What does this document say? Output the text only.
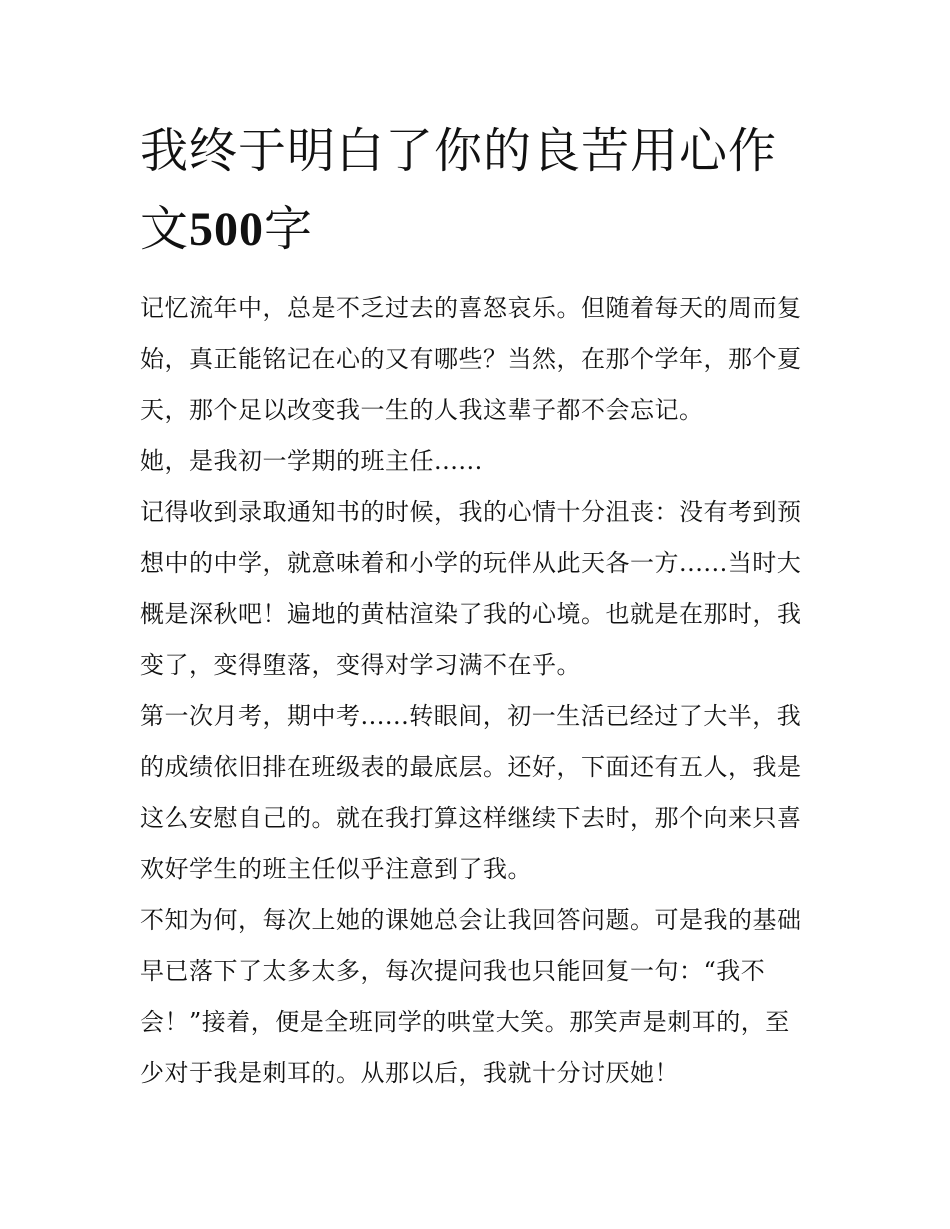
我终于明白了你的良苦用心作文500字

记忆流年中，总是不乏过去的喜怒哀乐。但随着每天的周而复

始，真正能铭记在心的又有哪些？当然，在那个学年，那个夏

天，那个足以改变我一生的人我这辈子都不会忘记。

她，是我初一学期的班主任......

记得收到录取通知书的时候，我的心情十分沮丧：没有考到预

想中的中学，就意味着和小学的玩伴从此天各一方......当时大

概是深秋吧！遍地的黄枯渲染了我的心境。也就是在那时，我

变了，变得堕落，变得对学习满不在乎。

第一次月考，期中考......转眼间，初一生活已经过了大半，我

的成绩依旧排在班级表的最底层。还好，下面还有五人，我是

这么安慰自己的。就在我打算这样继续下去时，那个向来只喜

欢好学生的班主任似乎注意到了我。

不知为何，每次上她的课她总会让我回答问题。可是我的基础

早已落下了太多太多，每次提问我也只能回复一句：“我不

会！”接着，便是全班同学的哄堂大笑。那笑声是刺耳的，至

少对于我是刺耳的。从那以后，我就十分讨厌她！
